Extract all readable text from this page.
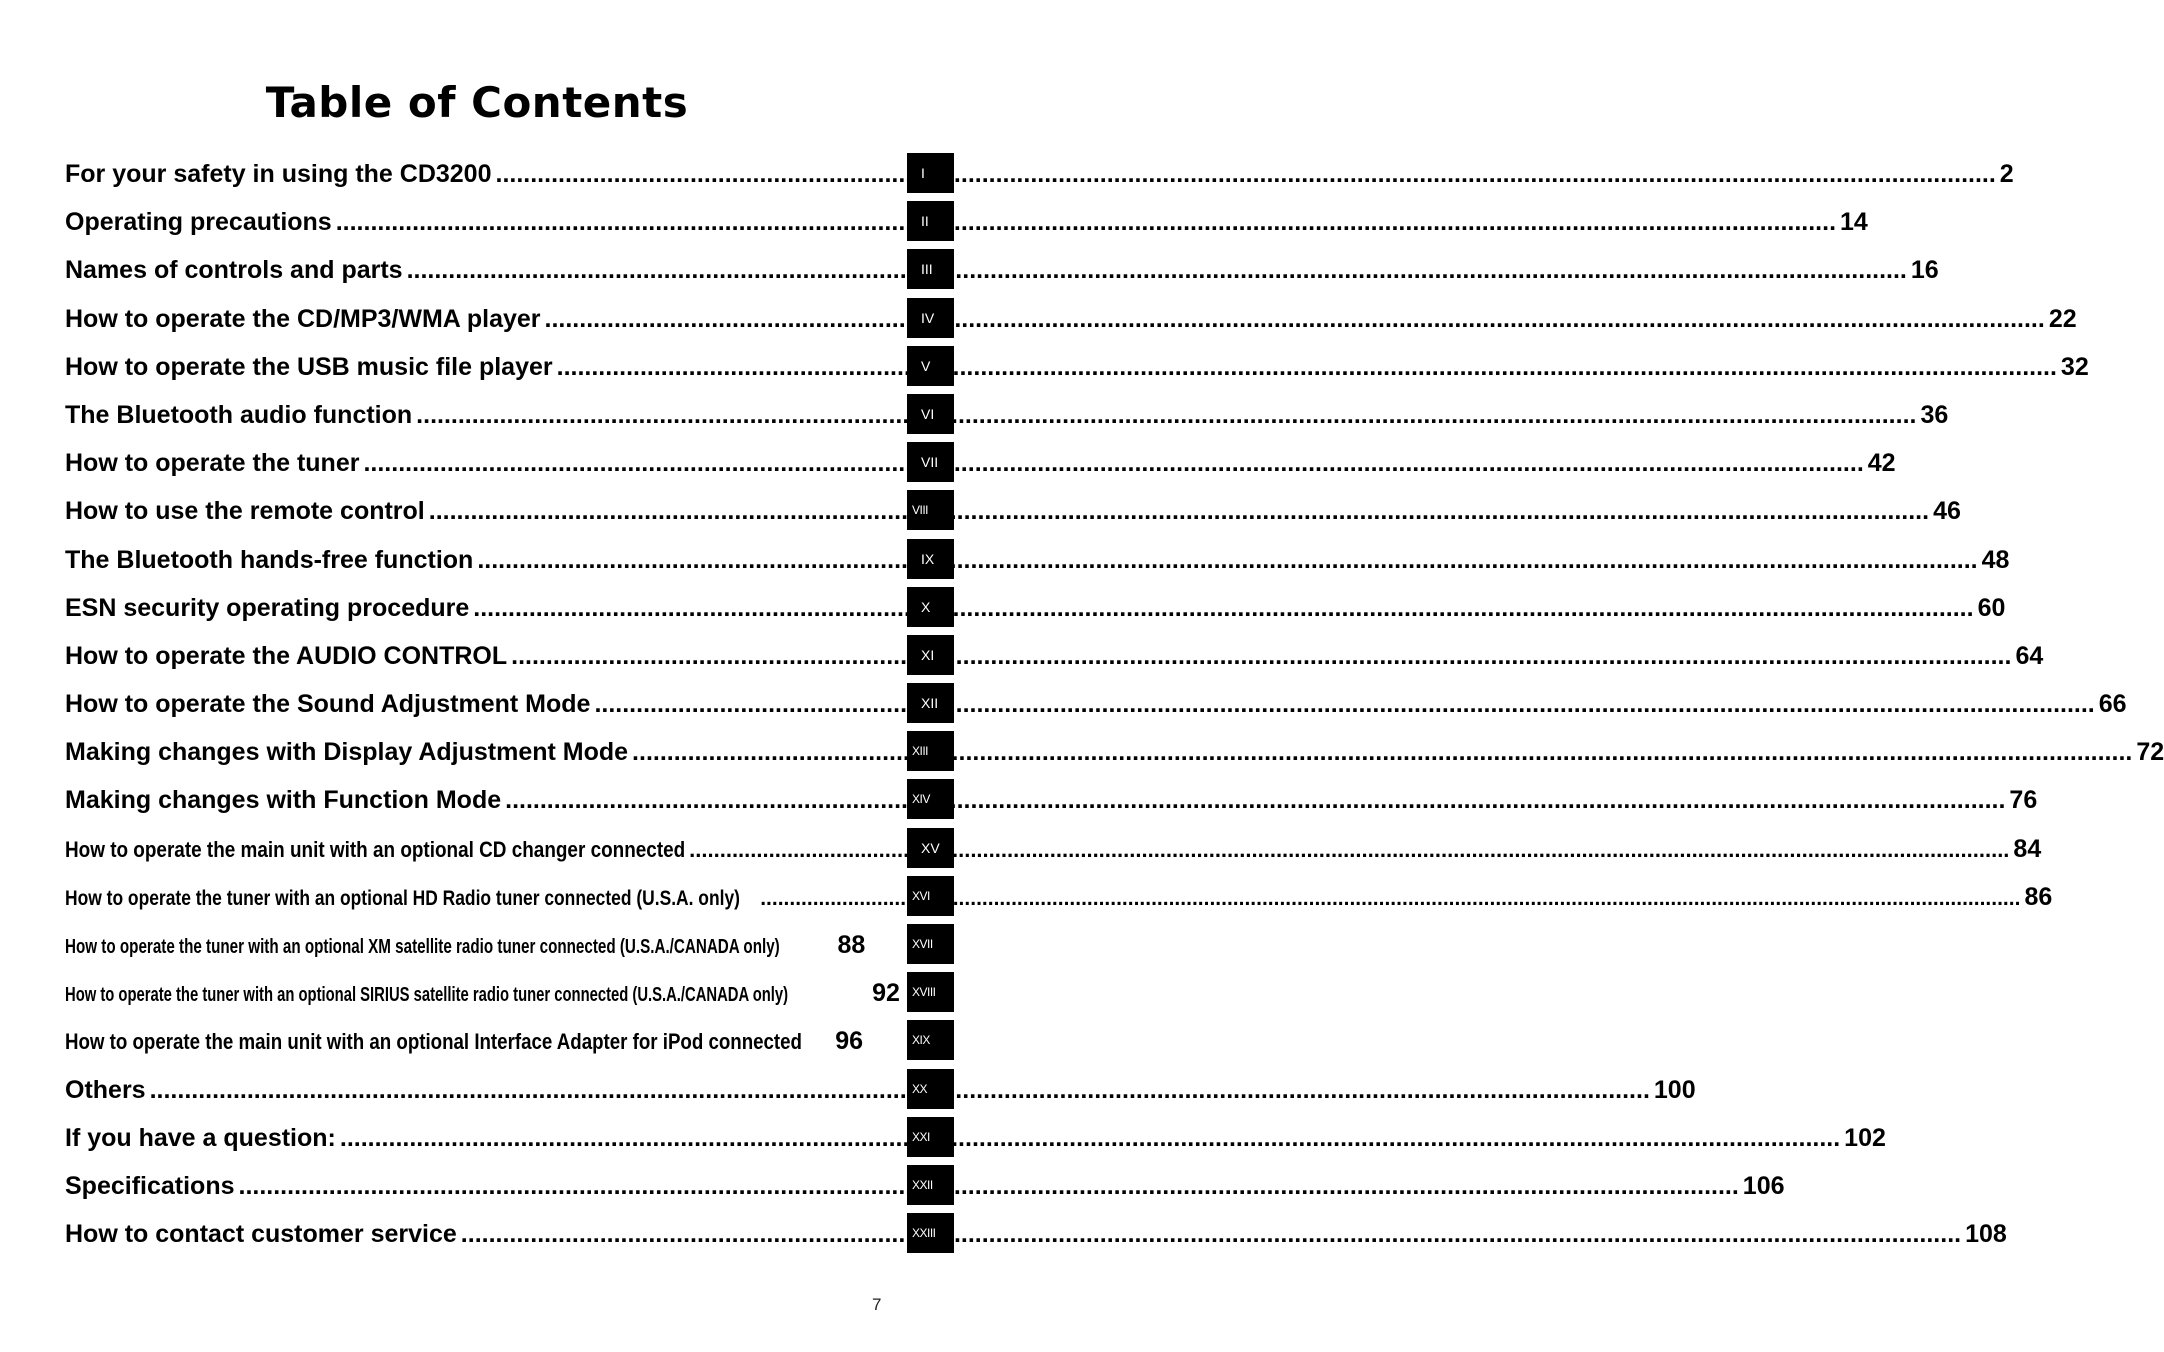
Table of Contents
For your safety in using the CD3200 .....	2
Operating precautions .....	14
Names of controls and parts .....	16
How to operate the CD/MP3/WMA player .....	22
How to operate the USB music file player .....	32
The Bluetooth audio function .....	36
How to operate the tuner .....	42
How to use the remote control .....	46
The Bluetooth hands-free function .....	48
ESN security operating procedure .....	60
How to operate the AUDIO CONTROL .....	64
How to operate the Sound Adjustment Mode .....	66
Making changes with Display Adjustment Mode .....	72
Making changes with Function Mode .....	76
How to operate the main unit with an optional CD changer connected .....	84
How to operate the tuner with an optional HD Radio tuner connected (U.S.A. only) .....	86
How to operate the tuner with an optional XM satellite radio tuner connected (U.S.A./CANADA only) 88
How to operate the tuner with an optional SIRIUS satellite radio tuner connected (U.S.A./CANADA only)	92
How to operate the main unit with an optional Interface Adapter for iPod connected ..... 96
Others .....	100
If you have a question: .....	102
Specifications .....	106
How to contact customer service .....	108
I
II
III
IV
V
VI
VII
VIII
IX
X
XI
XII
XIII
XIV
XV
XVI
XVII
XVIII
XIX
XX
XXI
XXII
XXIII
7
